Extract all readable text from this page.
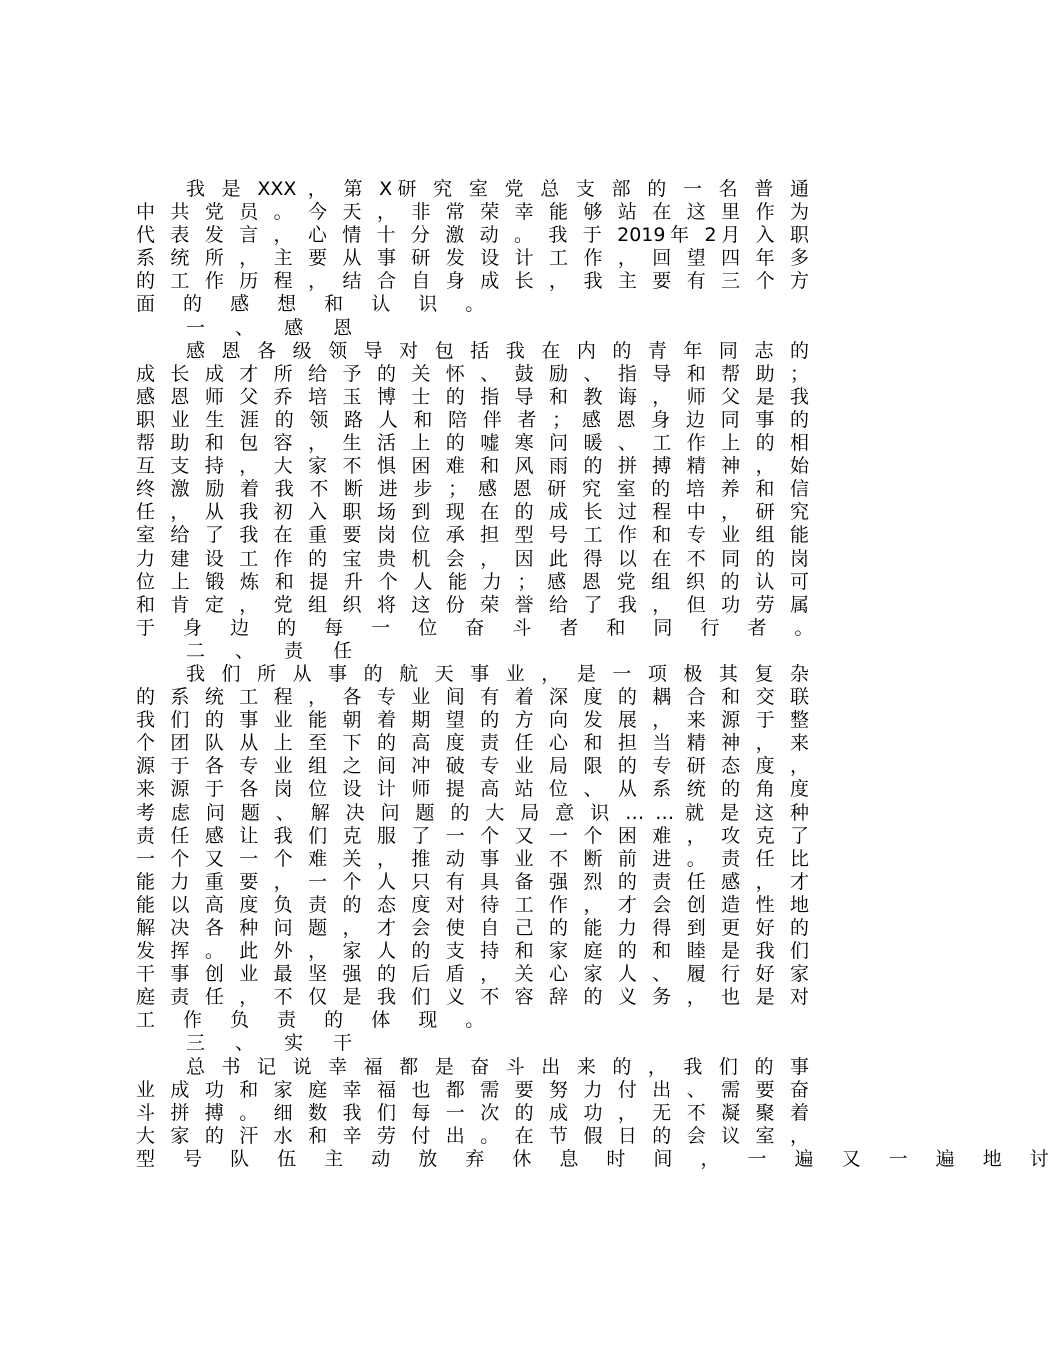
我 是 XXX ， 第 X研 究 室 党 总 支 部 的 一 名 普 通
中 共 党 员 。 今 天 ， 非 常 荣 幸 能 够 站 在 这 里 作 为
代 表 发 言 ， 心 情 十 分 激 动 。 我 于 2019年 2月 入 职
系 统 所 ， 主 要 从 事 研 发 设 计 工 作 ， 回 望 四 年 多
的 工 作 历 程 ， 结 合 自 身 成 长 ， 我 主 要 有 三 个 方
面 的 感 想 和 认 识 。
一 、 感 恩
感 恩 各 级 领 导 对 包 括 我 在 内 的 青 年 同 志 的
成 长 成 才 所 给 予 的 关 怀 、 鼓 励 、 指 导 和 帮 助 ；
感 恩 师 父 乔 培 玉 博 士 的 指 导 和 教 诲 ， 师 父 是 我
职 业 生 涯 的 领 路 人 和 陪 伴 者 ； 感 恩 身 边 同 事 的
帮 助 和 包 容 ， 生 活 上 的 嘘 寒 问 暖 、 工 作 上 的 相
互 支 持 ， 大 家 不 惧 困 难 和 风 雨 的 拼 搏 精 神 ， 始
终 激 励 着 我 不 断 进 步 ； 感 恩 研 究 室 的 培 养 和 信
任 ， 从 我 初 入 职 场 到 现 在 的 成 长 过 程 中 ， 研 究
室 给 了 我 在 重 要 岗 位 承 担 型 号 工 作 和 专 业 组 能
力 建 设 工 作 的 宝 贵 机 会 ， 因 此 得 以 在 不 同 的 岗
位 上 锻 炼 和 提 升 个 人 能 力 ； 感 恩 党 组 织 的 认 可
和 肯 定 ， 党 组 织 将 这 份 荣 誉 给 了 我 ， 但 功 劳 属
于 身 边 的 每 一 位 奋 斗 者 和 同 行 者 。
二 、 责 任
我 们 所 从 事 的 航 天 事 业 ， 是 一 项 极 其 复 杂
的 系 统 工 程 ， 各 专 业 间 有 着 深 度 的 耦 合 和 交 联
我 们 的 事 业 能 朝 着 期 望 的 方 向 发 展 ， 来 源 于 整
个 团 队 从 上 至 下 的 高 度 责 任 心 和 担 当 精 神 ， 来
源 于 各 专 业 组 之 间 冲 破 专 业 局 限 的 专 研 态 度 ，
来 源 于 各 岗 位 设 计 师 提 高 站 位 、 从 系 统 的 角 度
考 虑 问 题 、 解 决 问 题 的 大 局 意 识 … … 就 是 这 种
责 任 感 让 我 们 克 服 了 一 个 又 一 个 困 难 ， 攻 克 了
一 个 又 一 个 难 关 ， 推 动 事 业 不 断 前 进 。 责 任 比
能 力 重 要 ， 一 个 人 只 有 具 备 强 烈 的 责 任 感 ， 才
能 以 高 度 负 责 的 态 度 对 待 工 作 ， 才 会 创 造 性 地
解 决 各 种 问 题 ， 才 会 使 自 己 的 能 力 得 到 更 好 的
发 挥 。 此 外 ， 家 人 的 支 持 和 家 庭 的 和 睦 是 我 们
干 事 创 业 最 坚 强 的 后 盾 ， 关 心 家 人 、 履 行 好 家
庭 责 任 ， 不 仅 是 我 们 义 不 容 辞 的 义 务 ， 也 是 对
工 作 负 责 的 体 现 。
三 、 实 干
总 书 记 说 幸 福 都 是 奋 斗 出 来 的 ， 我 们 的 事
业 成 功 和 家 庭 幸 福 也 都 需 要 努 力 付 出 、 需 要 奋
斗 拼 搏 。 细 数 我 们 每 一 次 的 成 功 ， 无 不 凝 聚 着
大 家 的 汗 水 和 辛 劳 付 出 。 在 节 假 日 的 会 议 室 ，
型 号 队 伍 主 动 放 弃 休 息 时 间 ， 一 遍 又 一 遍 地 讨
